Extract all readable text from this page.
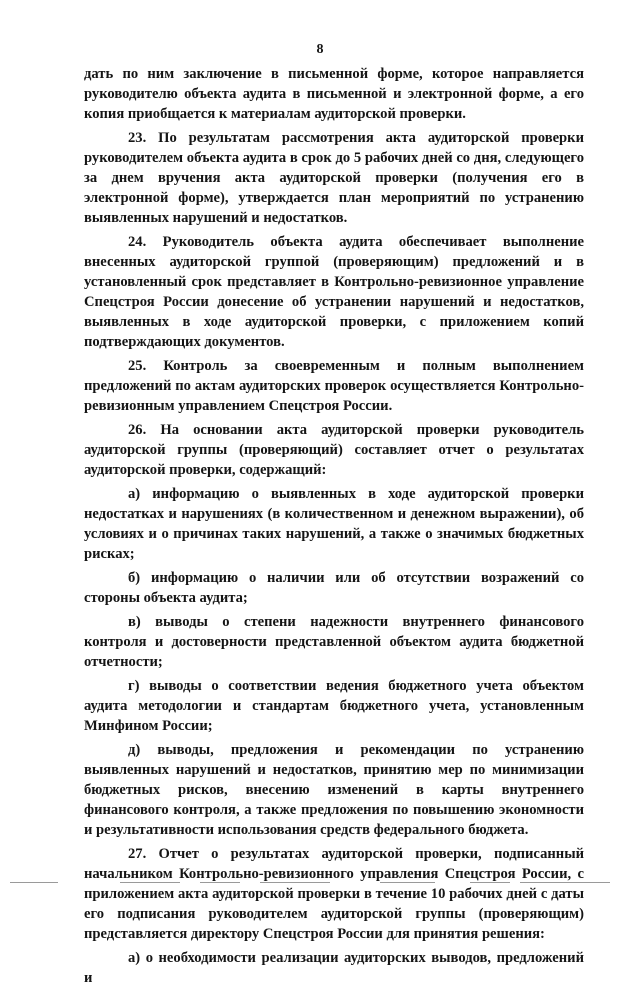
8

дать по ним заключение в письменной форме, которое направляется руководителю объекта аудита в письменной и электронной форме, а его копия приобщается к материалам аудиторской проверки.

23. По результатам рассмотрения акта аудиторской проверки руководителем объекта аудита в срок до 5 рабочих дней со дня, следующего за днем вручения акта аудиторской проверки (получения его в электронной форме), утверждается план мероприятий по устранению выявленных нарушений и недостатков.

24. Руководитель объекта аудита обеспечивает выполнение внесенных аудиторской группой (проверяющим) предложений и в установленный срок представляет в Контрольно-ревизионное управление Спецстроя России донесение об устранении нарушений и недостатков, выявленных в ходе аудиторской проверки, с приложением копий подтверждающих документов.

25. Контроль за своевременным и полным выполнением предложений по актам аудиторских проверок осуществляется Контрольно-ревизионным управлением Спецстроя России.

26. На основании акта аудиторской проверки руководитель аудиторской группы (проверяющий) составляет отчет о результатах аудиторской проверки, содержащий:

а) информацию о выявленных в ходе аудиторской проверки недостатках и нарушениях (в количественном и денежном выражении), об условиях и о причинах таких нарушений, а также о значимых бюджетных рисках;

б) информацию о наличии или об отсутствии возражений со стороны объекта аудита;

в) выводы о степени надежности внутреннего финансового контроля и достоверности представленной объектом аудита бюджетной отчетности;

г) выводы о соответствии ведения бюджетного учета объектом аудита методологии и стандартам бюджетного учета, установленным Минфином России;

д) выводы, предложения и рекомендации по устранению выявленных нарушений и недостатков, принятию мер по минимизации бюджетных рисков, внесению изменений в карты внутреннего финансового контроля, а также предложения по повышению экономности и результативности использования средств федерального бюджета.

27. Отчет о результатах аудиторской проверки, подписанный начальником Контрольно-ревизионного управления Спецстроя России, с приложением акта аудиторской проверки в течение 10 рабочих дней с даты его подписания руководителем аудиторской группы (проверяющим) представляется директору Спецстроя России для принятия решения:

а) о необходимости реализации аудиторских выводов, предложений и
